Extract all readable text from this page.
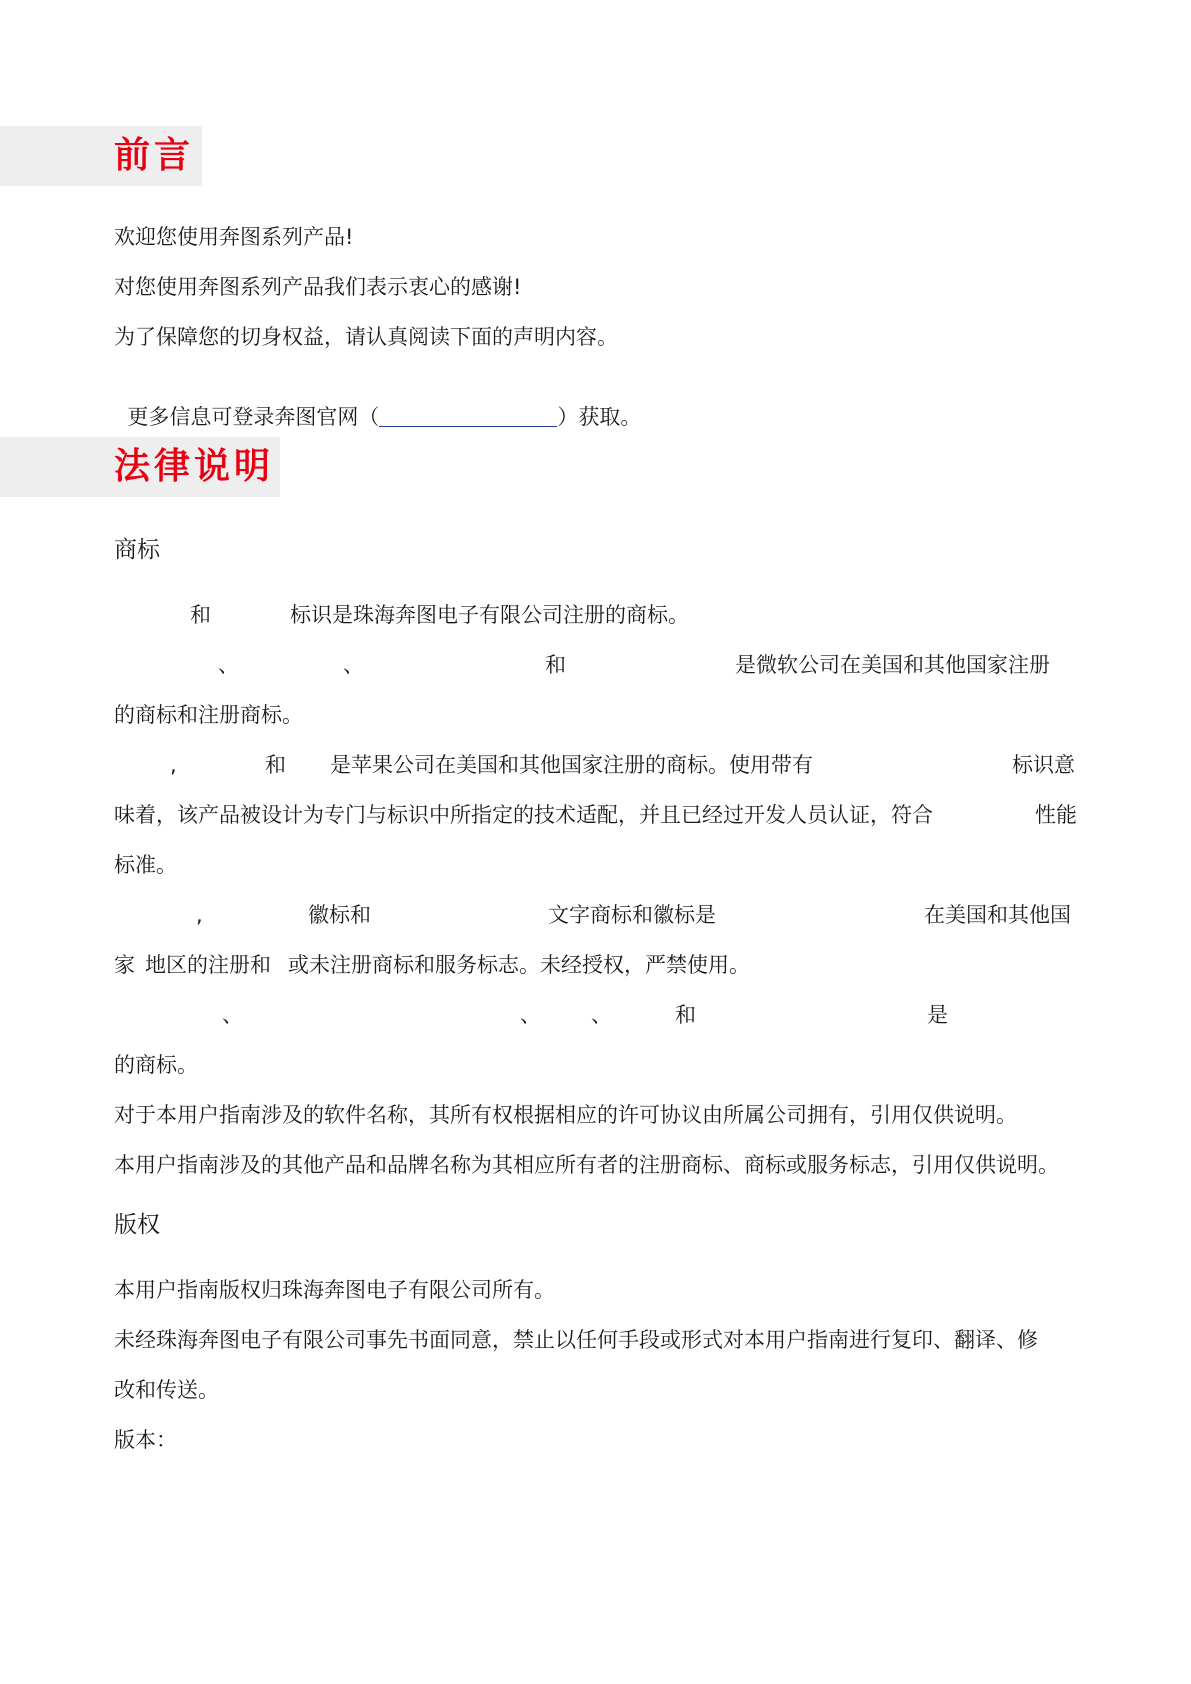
前言
欢迎您使用奔图系列产品!
对您使用奔图系列产品我们表示衷心的感谢!
为了保障您的切身权益，请认真阅读下面的声明内容。

更多信息可登录奔图官网（	）获取。

法律说明
商标
和	标识是珠海奔图电子有限公司注册的商标。
、	、	和	是微软公司在美国和其他国家注册
的商标和注册商标。
,	和 是苹果公司在美国和其他国家注册的商标。使用带有	标识意
味着，该产品被设计为专门与标识中所指定的技术适配，并且已经过开发人员认证，符合	性能
标准。
,	徽标和	文字商标和徽标是	在美国和其他国
家 地区的注册和 或未注册商标和服务标志。未经授权，严禁使用。
、	、 、	和	是
的商标。
对于本用户指南涉及的软件名称，其所有权根据相应的许可协议由所属公司拥有，引用仅供说明。
本用户指南涉及的其他产品和品牌名称为其相应所有者的注册商标、商标或服务标志，引用仅供说明。
版权
本用户指南版权归珠海奔图电子有限公司所有。
未经珠海奔图电子有限公司事先书面同意，禁止以任何手段或形式对本用户指南进行复印、翻译、修
改和传送。
版本：
